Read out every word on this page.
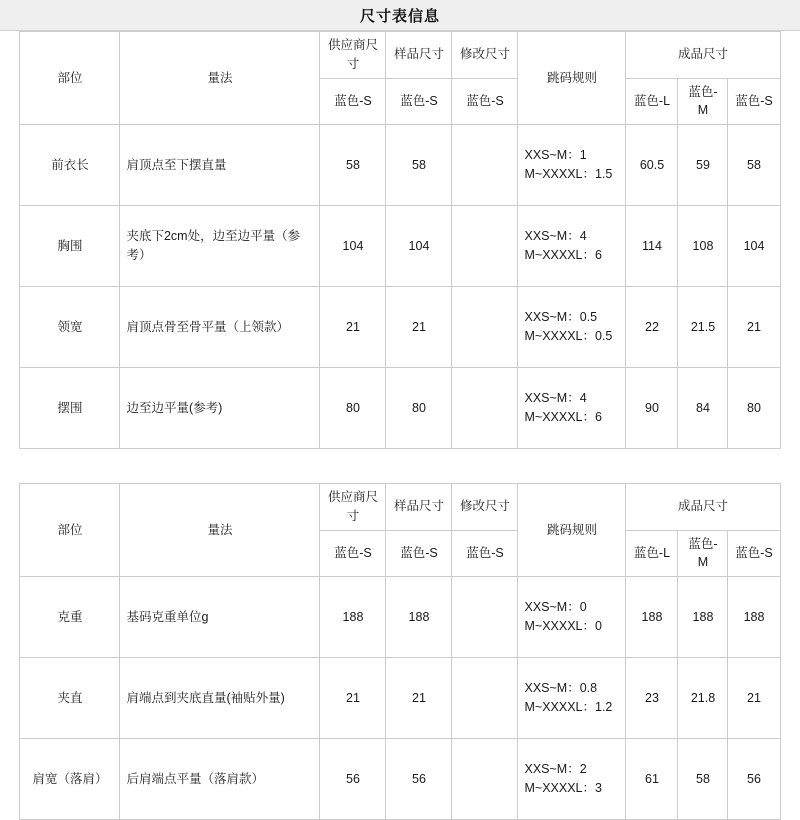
尺寸表信息
部位	量法	供应商尺寸	样品尺寸	修改尺寸	跳码规则	成品尺寸		
		蓝色-S	蓝色-S	蓝色-S		蓝色-L	蓝色-M	蓝色-S
前衣长	肩顶点至下摆直量	58	58		XXS~M：1
M~XXXXL：1.5	60.5	59	58
胸围	夹底下2cm处，边至边平量（参考）	104	104		XXS~M：4
M~XXXXL：6	114	108	104
领宽	肩顶点骨至骨平量（上领款）	21	21		XXS~M：0.5
M~XXXXL：0.5	22	21.5	21
摆围	边至边平量(参考)	80	80		XXS~M：4
M~XXXXL：6	90	84	80
部位	量法	供应商尺寸	样品尺寸	修改尺寸	跳码规则	成品尺寸		
		蓝色-S	蓝色-S	蓝色-S		蓝色-L	蓝色-M	蓝色-S
克重	基码克重单位g	188	188		XXS~M：0
M~XXXXL：0	188	188	188
夹直	肩端点到夹底直量(袖贴外量)	21	21		XXS~M：0.8
M~XXXXL：1.2	23	21.8	21
肩宽（落肩）	后肩端点平量（落肩款）	56	56		XXS~M：2
M~XXXXL：3	61	58	56
